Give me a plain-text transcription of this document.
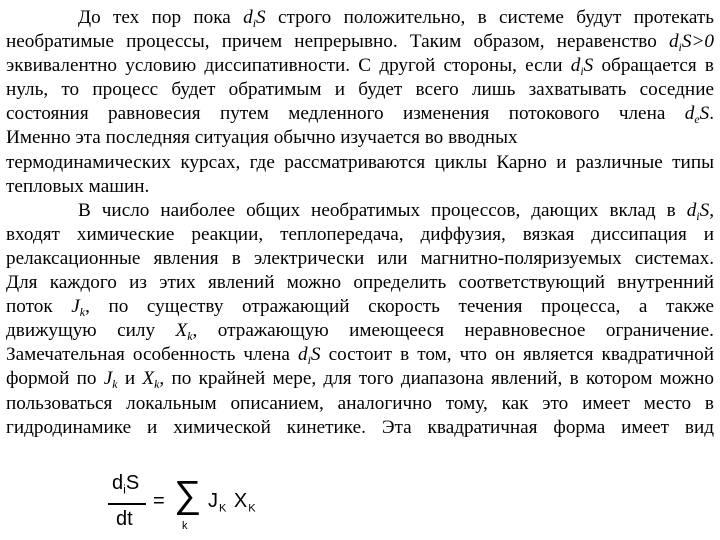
До тех пор пока $d_iS$ строго положительно, в системе будут протекать
необратимые процессы, причем непрерывно. Таким образом, неравенство $d_iS>0$
эквивалентно условию диссипативности. С другой стороны, если $d_iS$ обращается в
нуль, то процесс будет обратимым и будет всего лишь захватывать соседние
состояния равновесия путем медленного изменения потокового члена $d_eS$.
Именно эта последняя ситуация обычно изучается во вводных
термодинамических курсах, где рассматриваются циклы Карно и различные типы
тепловых машин.
В число наиболее общих необратимых процессов, дающих вклад в $d_iS$,
входят химические реакции, теплопередача, диффузия, вязкая диссипация и
релаксационные явления в электрически или магнитно-поляризуемых системах.
Для каждого из этих явлений можно определить соответствующий внутренний
поток $J_k$, по существу отражающий скорость течения процесса, а также
движущую силу $X_k$, отражающую имеющееся неравновесное ограничение.
Замечательная особенность члена $d_iS$ состоит в том, что он является квадратичной
формой по $J_k$ и $X_k$, по крайней мере, для того диапазона явлений, в котором можно
пользоваться локальным описанием, аналогично тому, как это имеет место в
гидродинамике и химической кинетике. Эта квадратичная форма имеет вид
$d_iS$
dt
= ∑
k
$J_K$ $X_K$
